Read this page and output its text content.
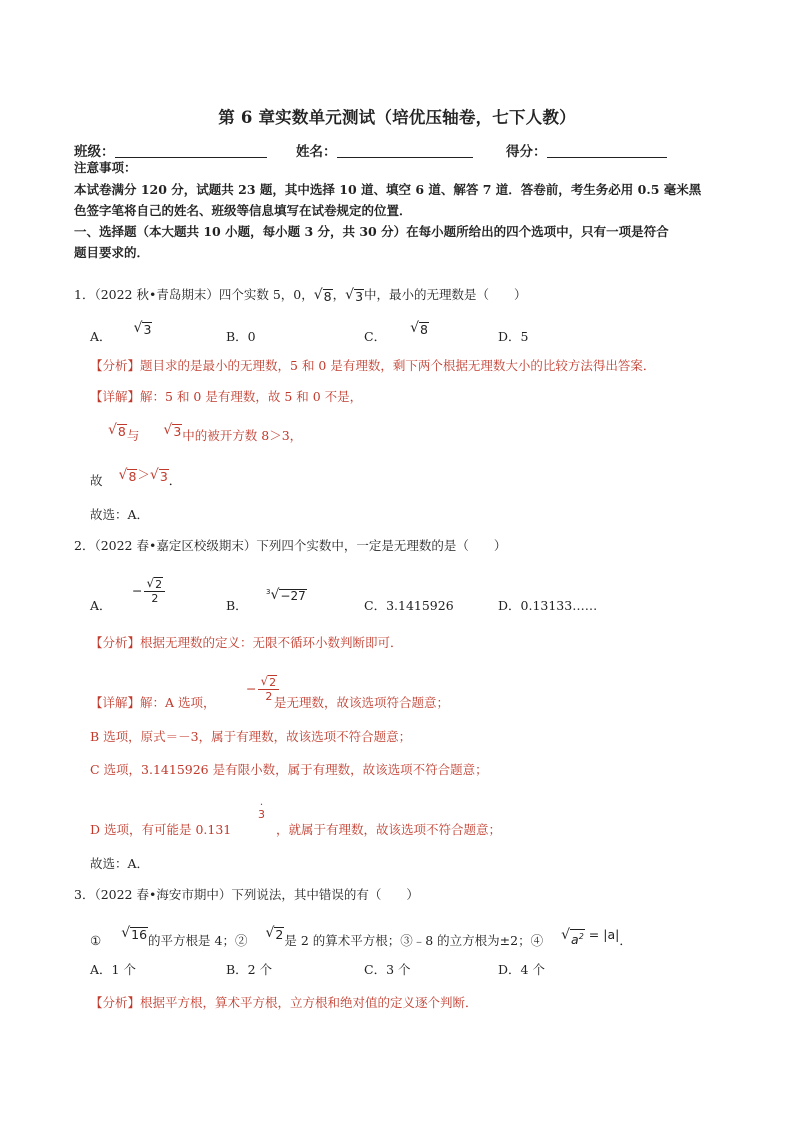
第 6 章实数单元测试（培优压轴卷，七下人教）
班级：	姓名：	得分：
注意事项：
本试卷满分 120 分，试题共 23 题，其中选择 10 道、填空 6 道、解答 7 道．答卷前，考生务必用 0.5 毫米黑
色签字笔将自己的姓名、班级等信息填写在试卷规定的位置．
一、选择题（本大题共 10 小题，每小题 3 分，共 30 分）在每小题所给出的四个选项中，只有一项是符合
题目要求的．
1．（2022 秋•青岛期末）四个实数 5，0， √ 8 ， √ 3 中，最小的无理数是（　　）
A．
√ 3	B．0	C．
√ 8	D．5
【分析】题目求的是最小的无理数，5 和 0 是有理数，剩下两个根据无理数大小的比较方法得出答案．
【详解】解：5 和 0 是有理数，故 5 和 0 不是，
√ 8 与 √ 3 中的被开方数 8＞3，
故 √ 8 ＞ √ 3 ．
故选：A．
2．（2022 春•嘉定区校级期末）下列四个实数中，一定是无理数的是（　　）
A．
− $\frac{√ 2}{2}$
B．
$^3$ √ −27
C．3.1415926	D．0.13133……
【分析】根据无理数的定义：无限不循环小数判断即可．
【详解】解：A 选项，
− $\frac{√ 2}{2}$
是无理数，故该选项符合题意；
B 选项，原式＝－3，属于有理数，故该选项不符合题意；
C 选项，3.1415926 是有限小数，属于有理数，故该选项不符合题意；
D 选项，有可能是 0.131
·
3
，就属于有理数，故该选项不符合题意；
故选：A．
3．（2022 春•海安市期中）下列说法，其中错误的有（　　）
① √ 16 的平方根是 4；② √ 2 是 2 的算术平方根；③﹣8 的立方根为±2；④ √ $a^2 = |a|$．
A．1 个	B．2 个	C．3 个	D．4 个
【分析】根据平方根，算术平方根，立方根和绝对值的定义逐个判断．
